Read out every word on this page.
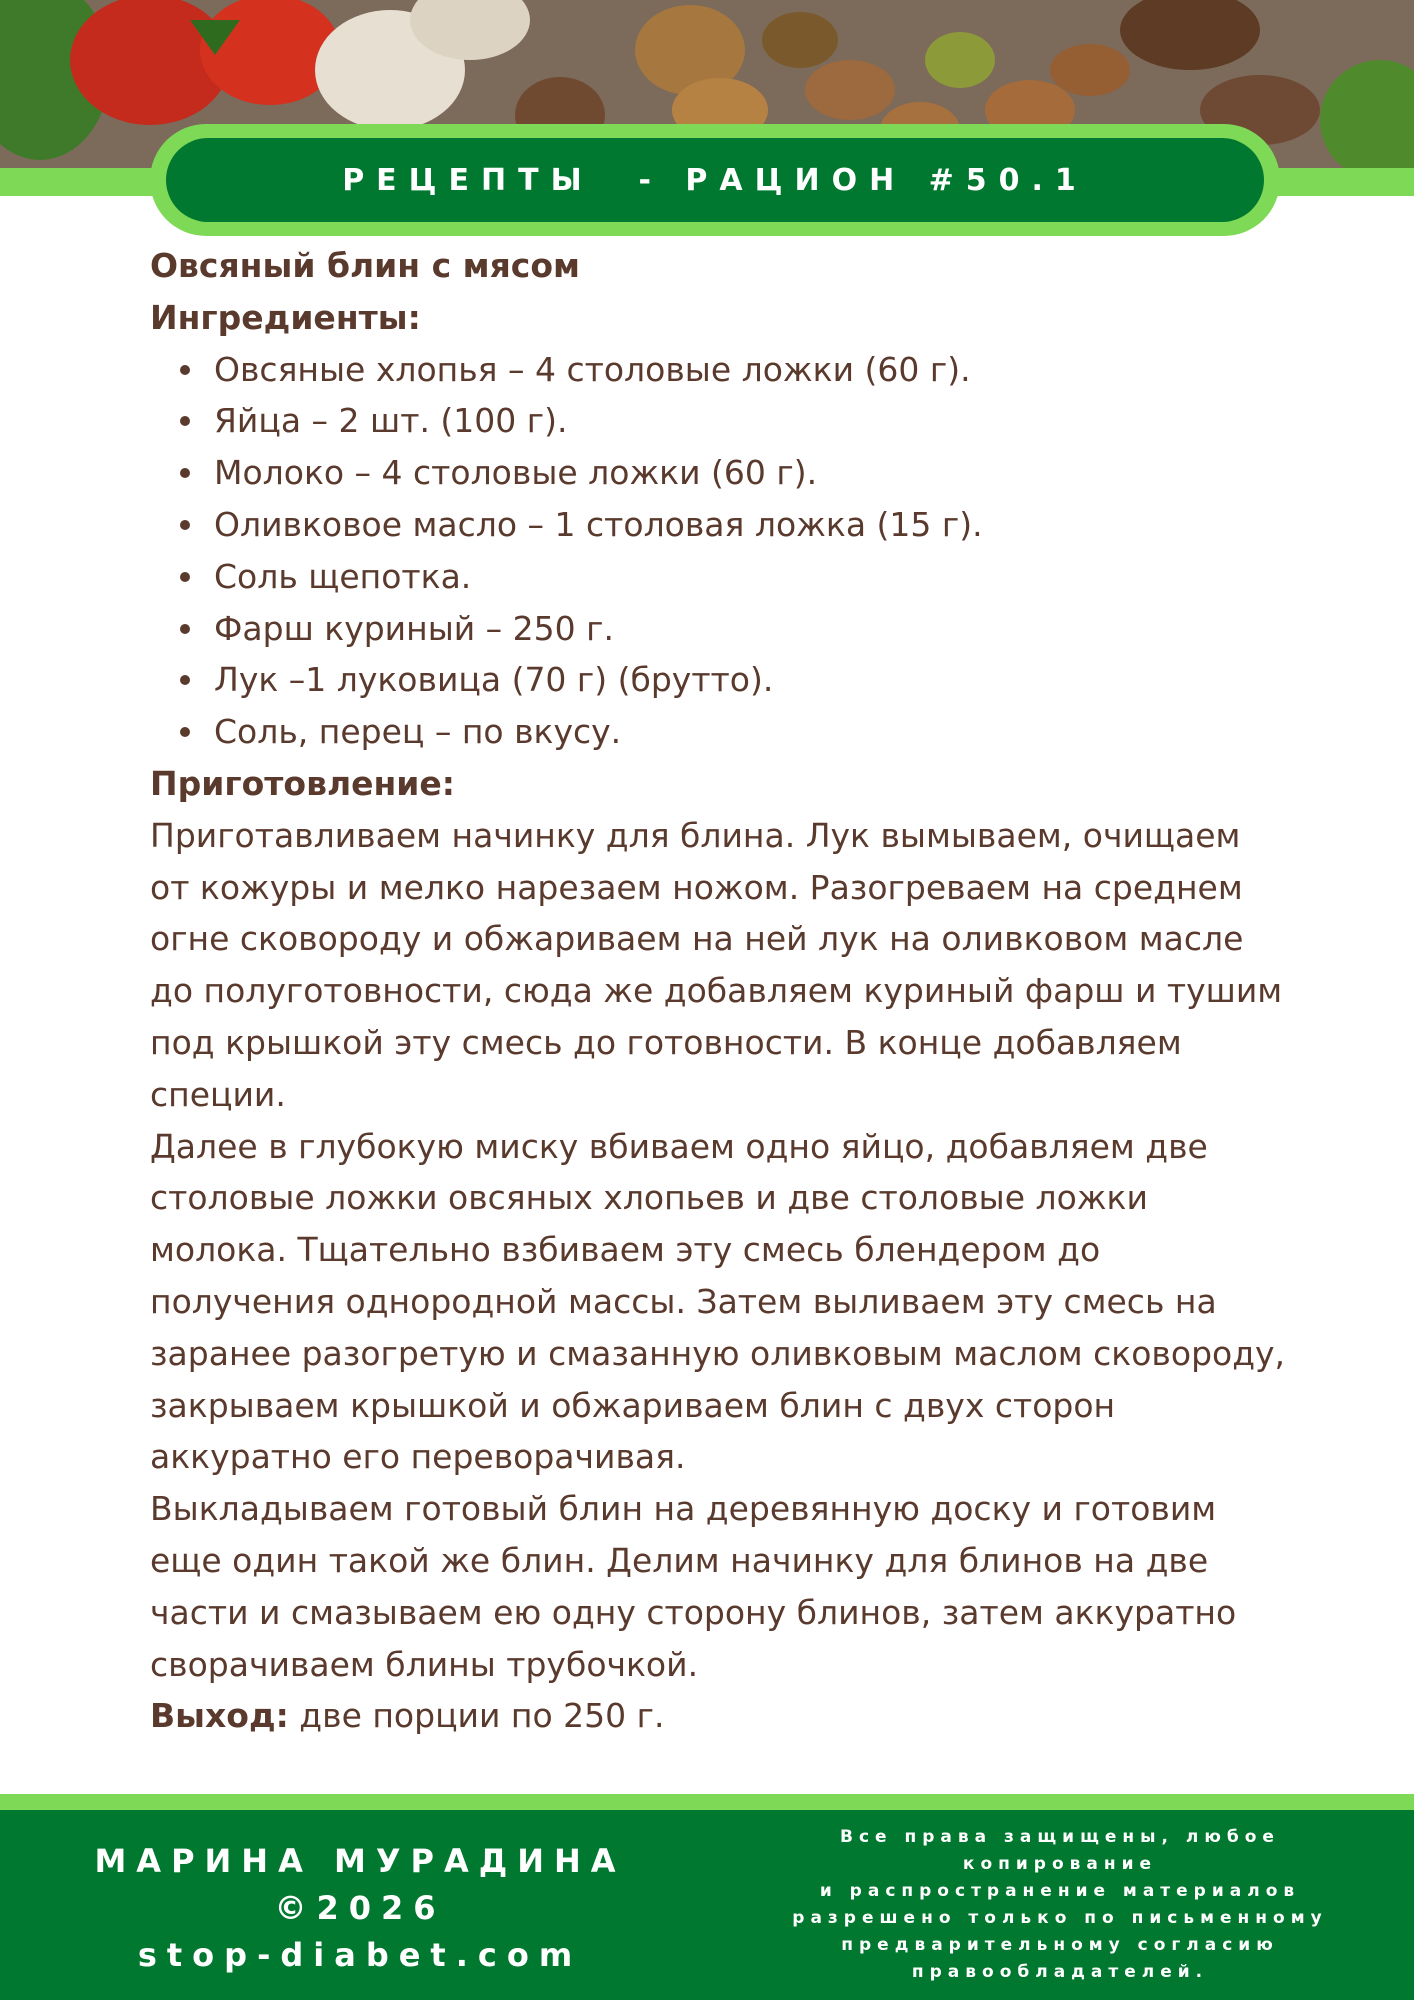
РЕЦЕПТЫ  - РАЦИОН #50.1
Овсяный блин с мясом
Ингредиенты:
Овсяные хлопья – 4 столовые ложки (60 г).
Яйца – 2 шт. (100 г).
Молоко – 4 столовые ложки (60 г).
Оливковое масло – 1 столовая ложка (15 г).
Соль щепотка.
Фарш куриный – 250 г.
Лук –1 луковица (70 г) (брутто).
Соль, перец – по вкусу.
Приготовление:

Приготавливаем начинку для блина. Лук вымываем, очищаем от кожуры и мелко нарезаем ножом. Разогреваем на среднем огне сковороду и обжариваем на ней лук на оливковом масле до полуготовности, сюда же добавляем куриный фарш и тушим под крышкой эту смесь до готовности. В конце добавляем специи.

Далее в глубокую миску вбиваем одно яйцо, добавляем две столовые ложки овсяных хлопьев и две столовые ложки молока. Тщательно взбиваем эту смесь блендером до получения однородной массы. Затем выливаем эту смесь на заранее разогретую и смазанную оливковым маслом сковороду, закрываем крышкой и обжариваем блин с двух сторон аккуратно его переворачивая.

Выкладываем готовый блин на деревянную доску и готовим еще один такой же блин. Делим начинку для блинов на две части и смазываем ею одну сторону блинов, затем аккуратно сворачиваем блины трубочкой.

Выход: две порции по 250 г.

МАРИНА МУРАДИНА
©2026
stop-diabet.com
Все права защищены, любое копирование
и распространение материалов
разрешено только по письменному
предварительному согласию
правообладателей.
